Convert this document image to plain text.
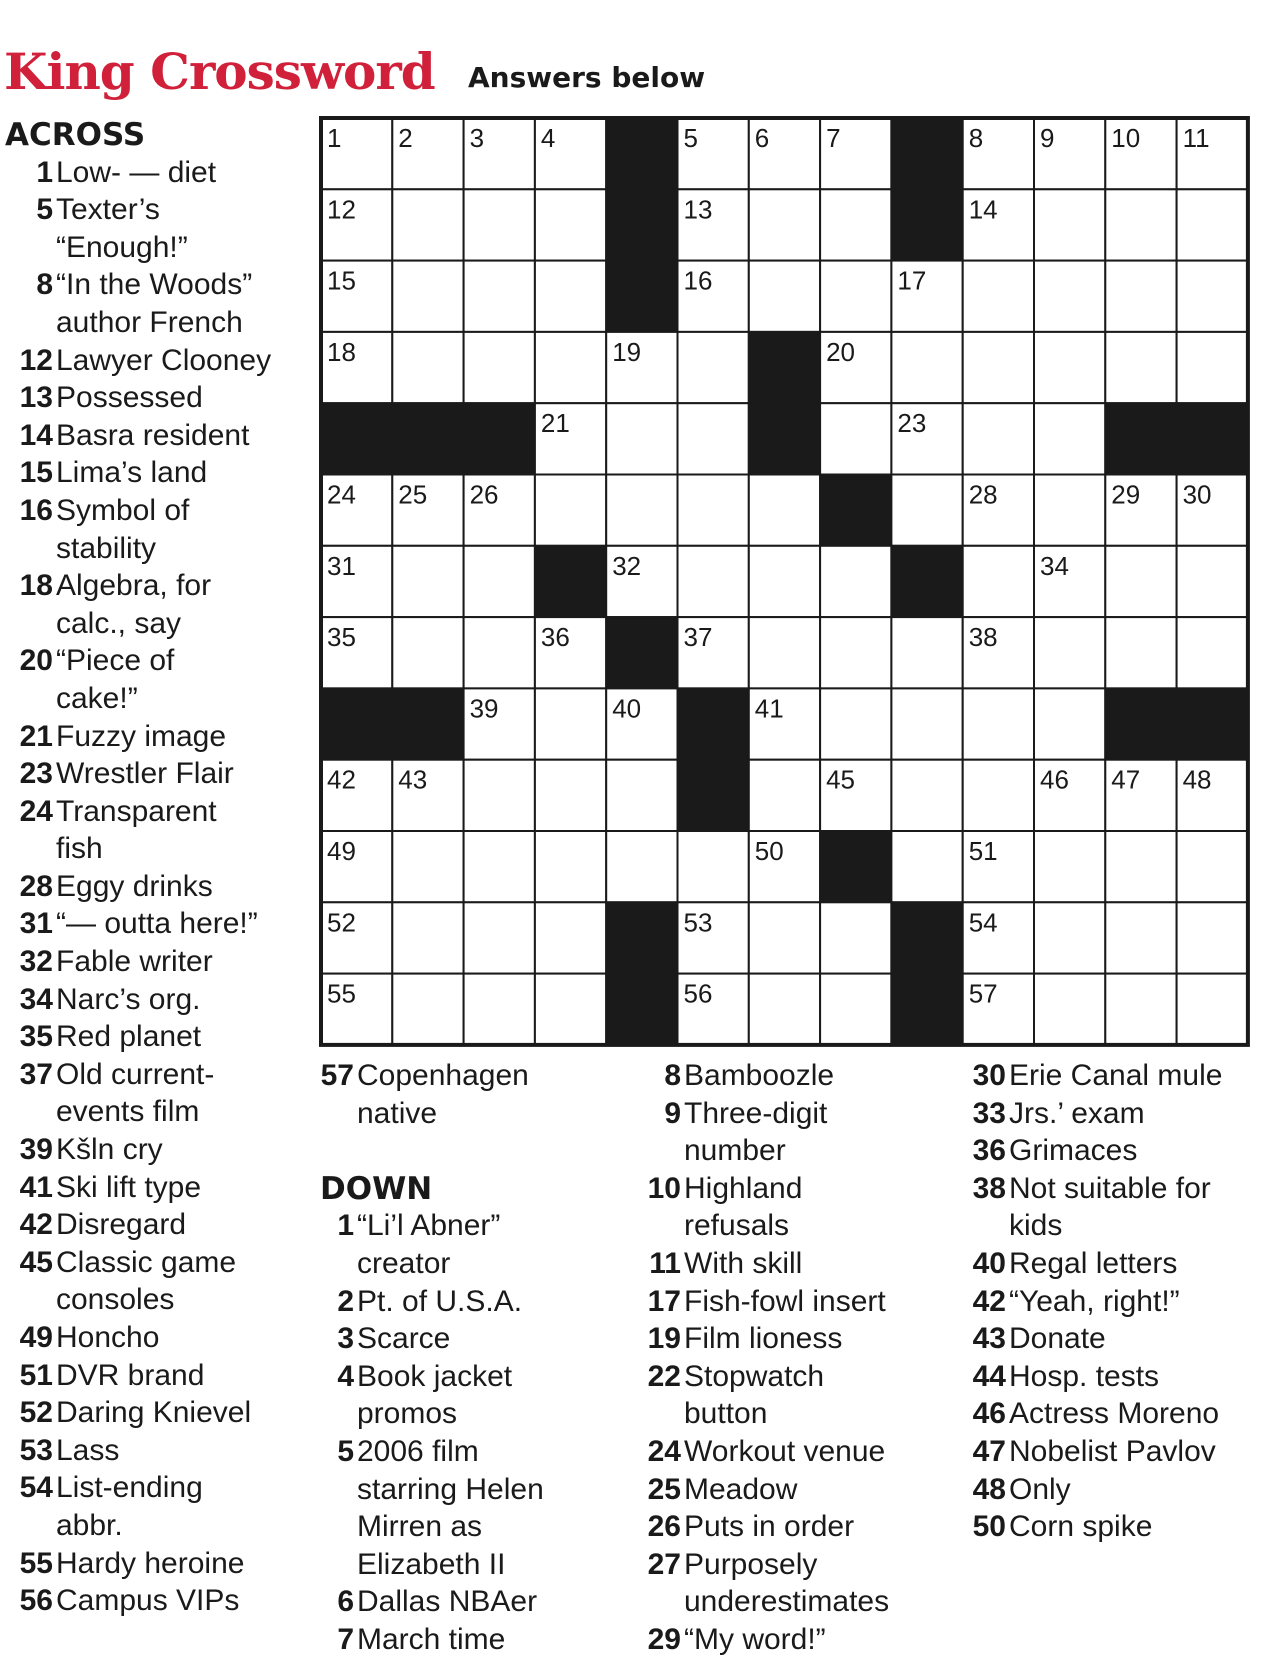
King Crossword Answers below
ACROSS
1 Low- — diet
5 Texter’s
“Enough!”
8 “In the Woods”
author French
12 Lawyer Clooney
13 Possessed
14 Basra resident
15 Lima’s land
16 Symbol of
stability
18 Algebra, for
calc., say
20 “Piece of
cake!”
21 Fuzzy image
23 Wrestler Flair
24 Transparent
fish
28 Eggy drinks
31 “— outta here!”
32 Fable writer
34 Narc’s org.
35 Red planet
37 Old current-
events film
39 Kšln cry
41 Ski lift type
42 Disregard
45 Classic game
consoles
49 Honcho
51 DVR brand
52 Daring Knievel
53 Lass
54 List-ending
abbr.
55 Hardy heroine
56 Campus VIPs
57 Copenhagen
native
DOWN
1 “Li’l Abner”
creator
2 Pt. of U.S.A.
3 Scarce
4 Book jacket
promos
5 2006 film
starring Helen
Mirren as
Elizabeth II
6 Dallas NBAer
7 March time
8 Bamboozle
9 Three-digit
number
10 Highland
refusals
11 With skill
17 Fish-fowl insert
19 Film lioness
22 Stopwatch
button
24 Workout venue
25 Meadow
26 Puts in order
27 Purposely
underestimates
29 “My word!”
30 Erie Canal mule
33 Jrs.’ exam
36 Grimaces
38 Not suitable for
kids
40 Regal letters
42 “Yeah, right!”
43 Donate
44 Hosp. tests
46 Actress Moreno
47 Nobelist Pavlov
48 Only
50 Corn spike
1 2 3 4	5 6 7	8 9 10 11
12	13	14
15	16	17
18	19	20
21	22	23
24 25 26	27	28	29 30
31	32	33	34
35	36	37	38
39	40	41
42 43	44	45	46 47 48
49	50	51
52	53	54
55	56	57
